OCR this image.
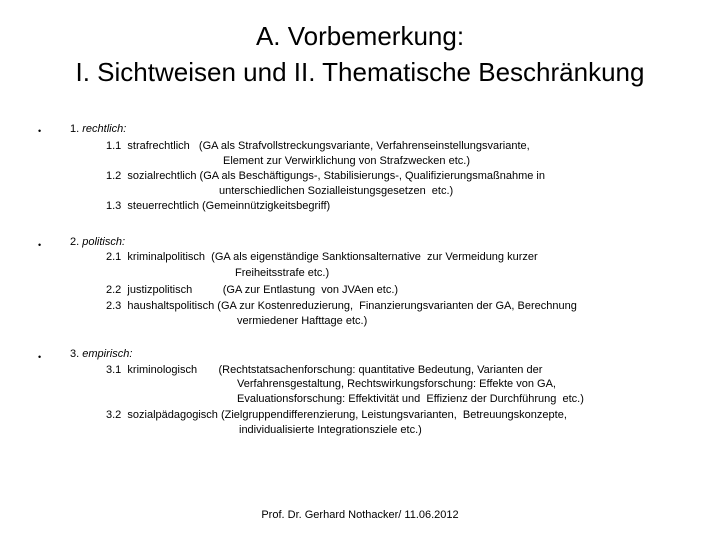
A. Vorbemerkung:
I. Sichtweisen und II. Thematische Beschränkung
•	1. rechtlich:
1.1  strafrechtlich   (GA als Strafvollstreckungsvariante, Verfahrenseinstellungsvariante,
Element zur Verwirklichung von Strafzwecken etc.)
1.2  sozialrechtlich (GA als Beschäftigungs-, Stabilisierungs-, Qualifizierungsmaßnahme in
unterschiedlichen Sozialleistungsgesetzen  etc.)
1.3  steuerrechtlich (Gemeinnützigkeitsbegriff)
•	2. politisch:
2.1  kriminalpolitisch  (GA als eigenständige Sanktionsalternative  zur Vermeidung kurzer
Freiheitsstrafe etc.)
2.2  justizpolitisch          (GA zur Entlastung  von JVAen etc.)
2.3  haushaltspolitisch (GA zur Kostenreduzierung,  Finanzierungsvarianten der GA, Berechnung
vermiedener Hafttage etc.)
•	3. empirisch:
3.1  kriminologisch       (Rechtstatsachenforschung: quantitative Bedeutung, Varianten der
Verfahrensgestaltung, Rechtswirkungsforschung: Effekte von GA,
Evaluationsforschung: Effektivität und  Effizienz der Durchführung  etc.)
3.2  sozialpädagogisch (Zielgruppendifferenzierung, Leistungsvarianten,  Betreuungskonzepte,
individualisierte Integrationsziele etc.)
Prof. Dr. Gerhard Nothacker/ 11.06.2012
